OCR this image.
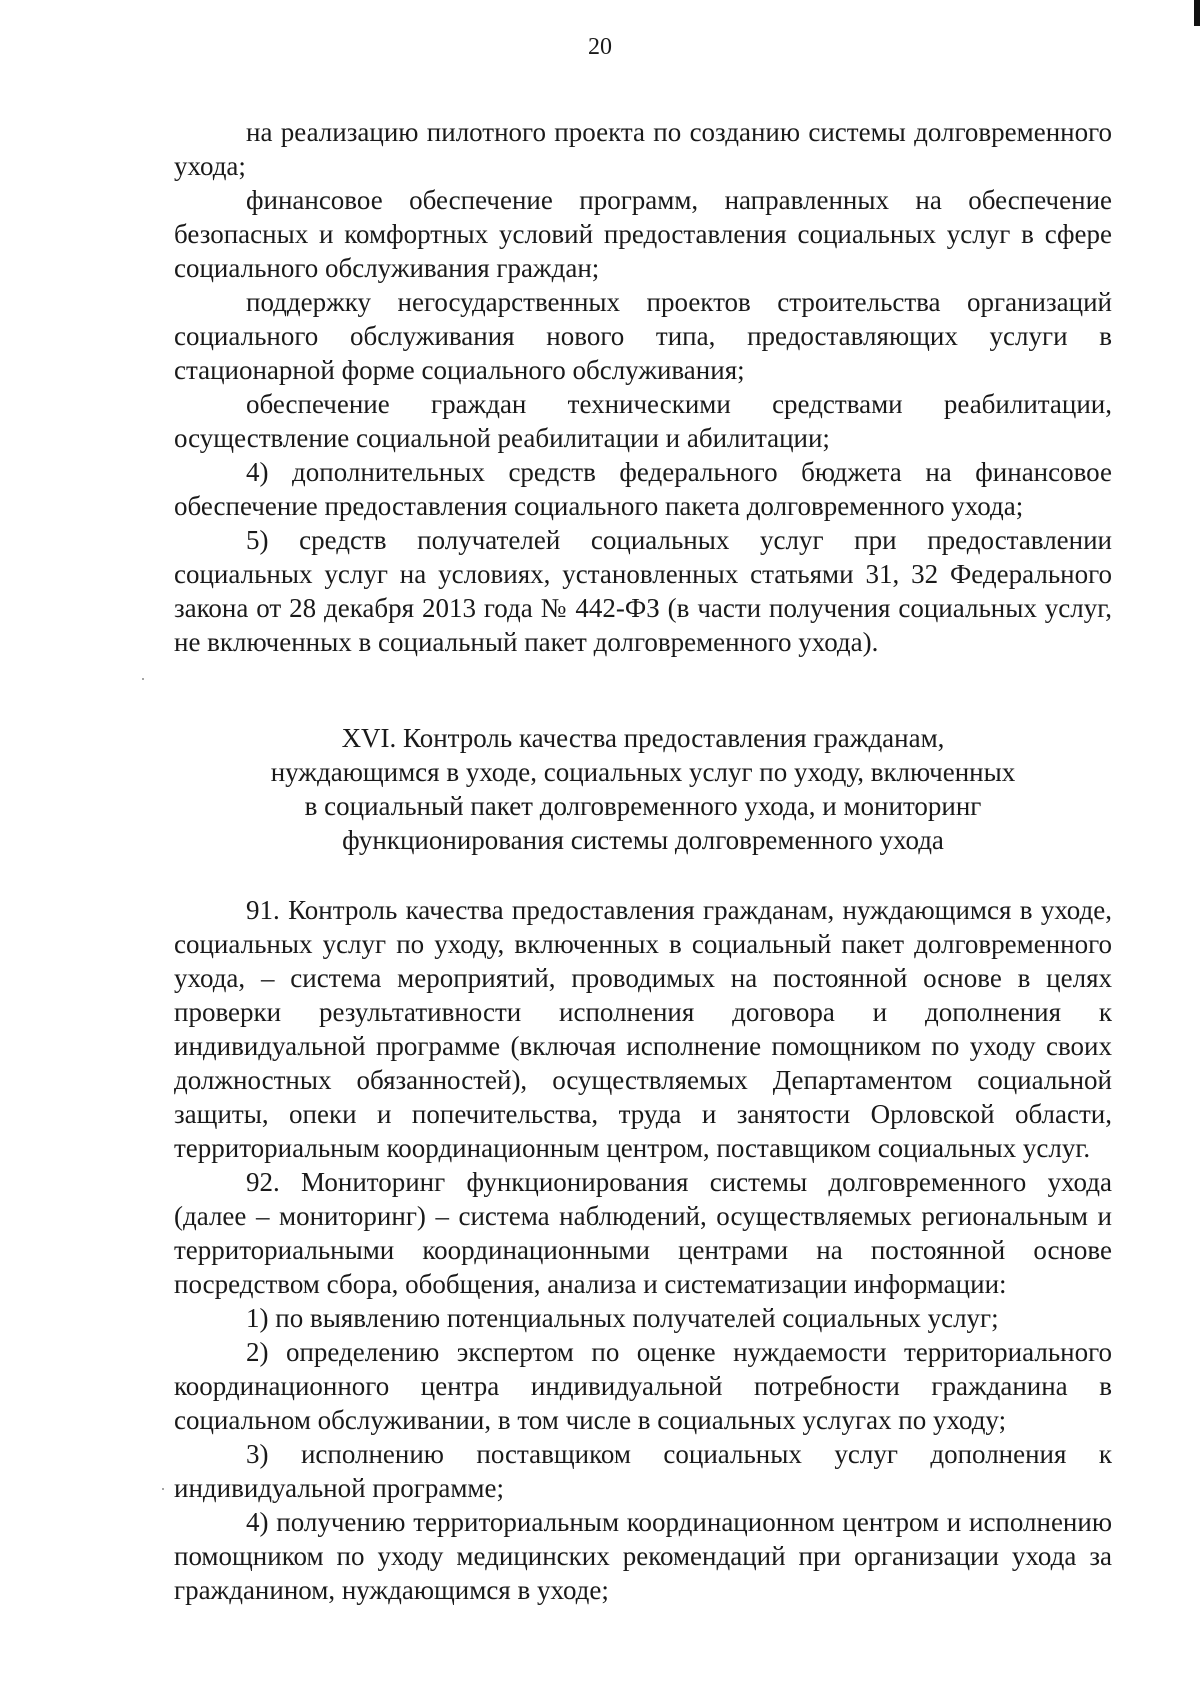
20

на реализацию пилотного проекта по созданию системы долговременного ухода;

финансовое обеспечение программ, направленных на обеспечение безопасных и комфортных условий предоставления социальных услуг в сфере социального обслуживания граждан;

поддержку негосударственных проектов строительства организаций социального обслуживания нового типа, предоставляющих услуги в стационарной форме социального обслуживания;

обеспечение граждан техническими средствами реабилитации, осуществление социальной реабилитации и абилитации;

4) дополнительных средств федерального бюджета на финансовое обеспечение предоставления социального пакета долговременного ухода;

5) средств получателей социальных услуг при предоставлении социальных услуг на условиях, установленных статьями 31, 32 Федерального закона от 28 декабря 2013 года № 442-ФЗ (в части получения социальных услуг, не включенных в социальный пакет долговременного ухода).

XVI. Контроль качества предоставления гражданам,
нуждающимся в уходе, социальных услуг по уходу, включенных
в социальный пакет долговременного ухода, и мониторинг
функционирования системы долговременного ухода

91. Контроль качества предоставления гражданам, нуждающимся в уходе, социальных услуг по уходу, включенных в социальный пакет долговременного ухода, – система мероприятий, проводимых на постоянной основе в целях проверки результативности исполнения договора и дополнения к индивидуальной программе (включая исполнение помощником по уходу своих должностных обязанностей), осуществляемых Департаментом социальной защиты, опеки и попечительства, труда и занятости Орловской области, территориальным координационным центром, поставщиком социальных услуг.

92. Мониторинг функционирования системы долговременного ухода (далее – мониторинг) – система наблюдений, осуществляемых региональным и территориальными координационными центрами на постоянной основе посредством сбора, обобщения, анализа и систематизации информации:

1) по выявлению потенциальных получателей социальных услуг;

2) определению экспертом по оценке нуждаемости территориального координационного центра индивидуальной потребности гражданина в социальном обслуживании, в том числе в социальных услугах по уходу;

3) исполнению поставщиком социальных услуг дополнения к индивидуальной программе;

4) получению территориальным координационном центром и исполнению помощником по уходу медицинских рекомендаций при организации ухода за гражданином, нуждающимся в уходе;
